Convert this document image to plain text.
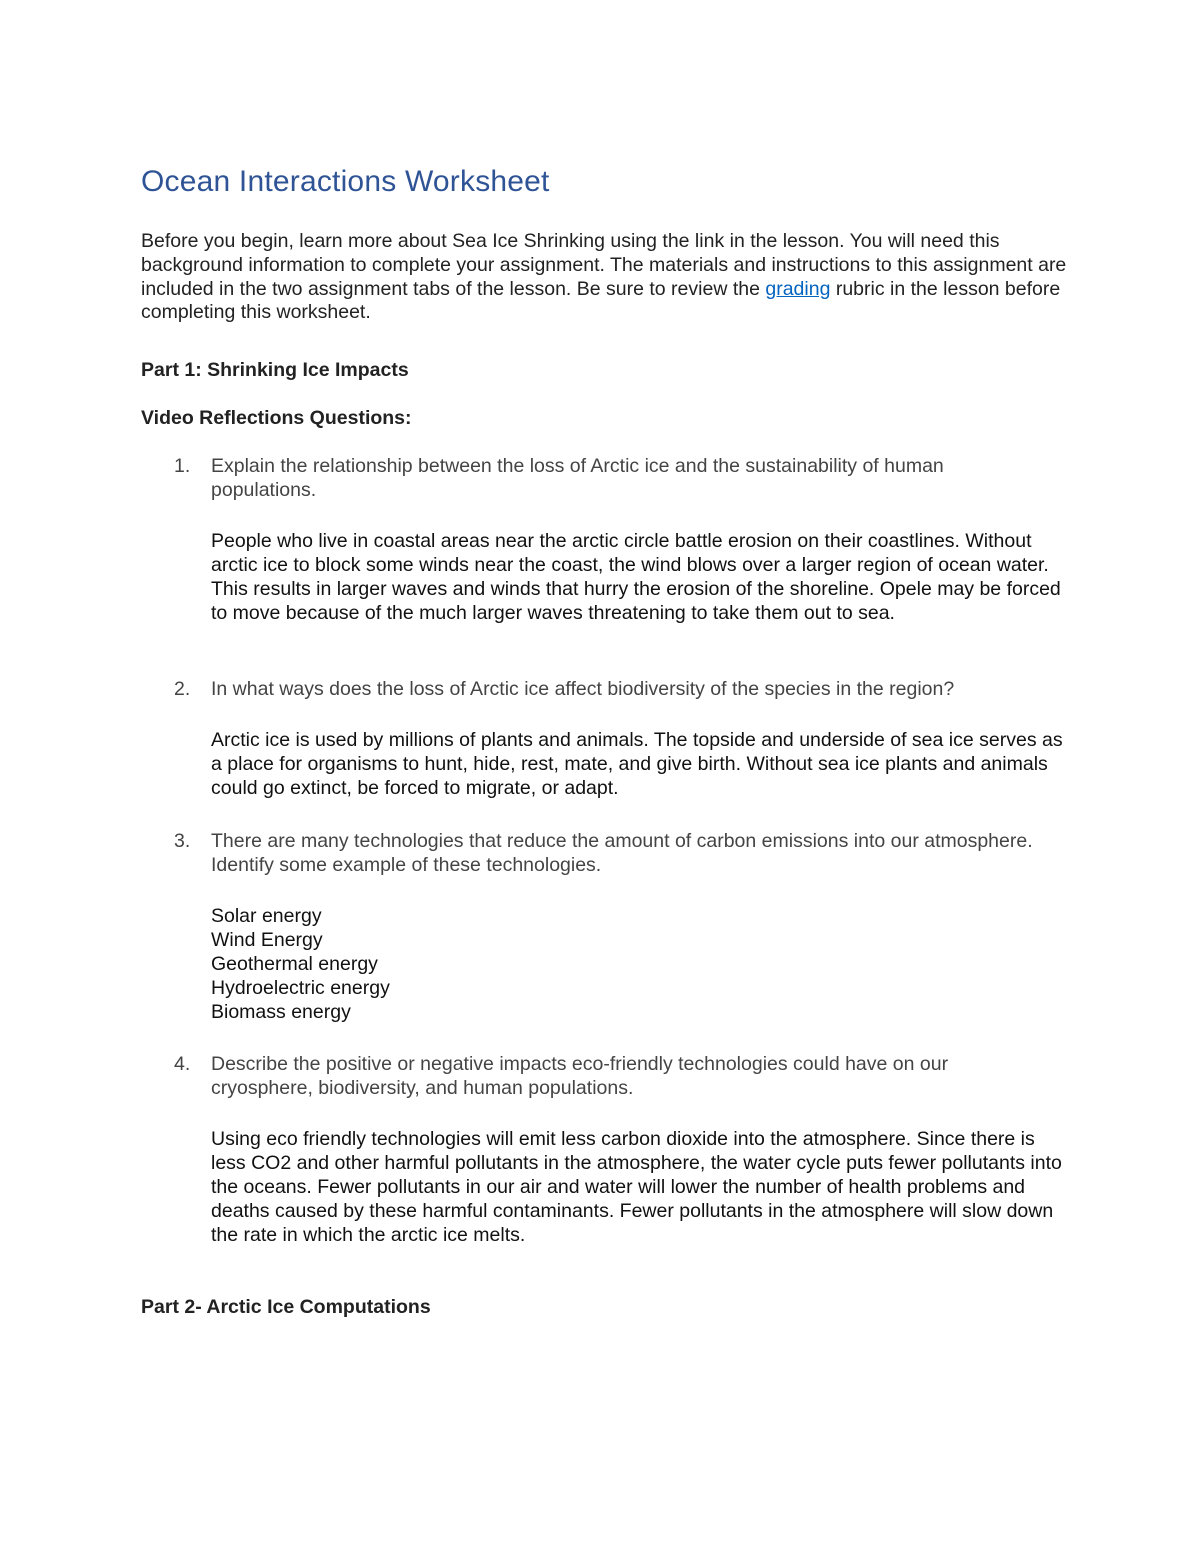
Ocean Interactions Worksheet

Before you begin, learn more about Sea Ice Shrinking using the link in the lesson. You will need this background information to complete your assignment. The materials and instructions to this assignment are included in the two assignment tabs of the lesson. Be sure to review the grading rubric in the lesson before completing this worksheet.

Part 1: Shrinking Ice Impacts

Video Reflections Questions:

1. Explain the relationship between the loss of Arctic ice and the sustainability of human populations.

People who live in coastal areas near the arctic circle battle erosion on their coastlines. Without arctic ice to block some winds near the coast, the wind blows over a larger region of ocean water. This results in larger waves and winds that hurry the erosion of the shoreline. Opele may be forced to move because of the much larger waves threatening to take them out to sea.

2. In what ways does the loss of Arctic ice affect biodiversity of the species in the region?

Arctic ice is used by millions of plants and animals. The topside and underside of sea ice serves as a place for organisms to hunt, hide, rest, mate, and give birth. Without sea ice plants and animals could go extinct, be forced to migrate, or adapt.

3. There are many technologies that reduce the amount of carbon emissions into our atmosphere. Identify some example of these technologies.

Solar energy
Wind Energy
Geothermal energy
Hydroelectric energy
Biomass energy

4. Describe the positive or negative impacts eco-friendly technologies could have on our cryosphere, biodiversity, and human populations.

Using eco friendly technologies will emit less carbon dioxide into the atmosphere. Since there is less CO2 and other harmful pollutants in the atmosphere, the water cycle puts fewer pollutants into the oceans. Fewer pollutants in our air and water will lower the number of health problems and deaths caused by these harmful contaminants. Fewer pollutants in the atmosphere will slow down the rate in which the arctic ice melts.

Part 2- Arctic Ice Computations
